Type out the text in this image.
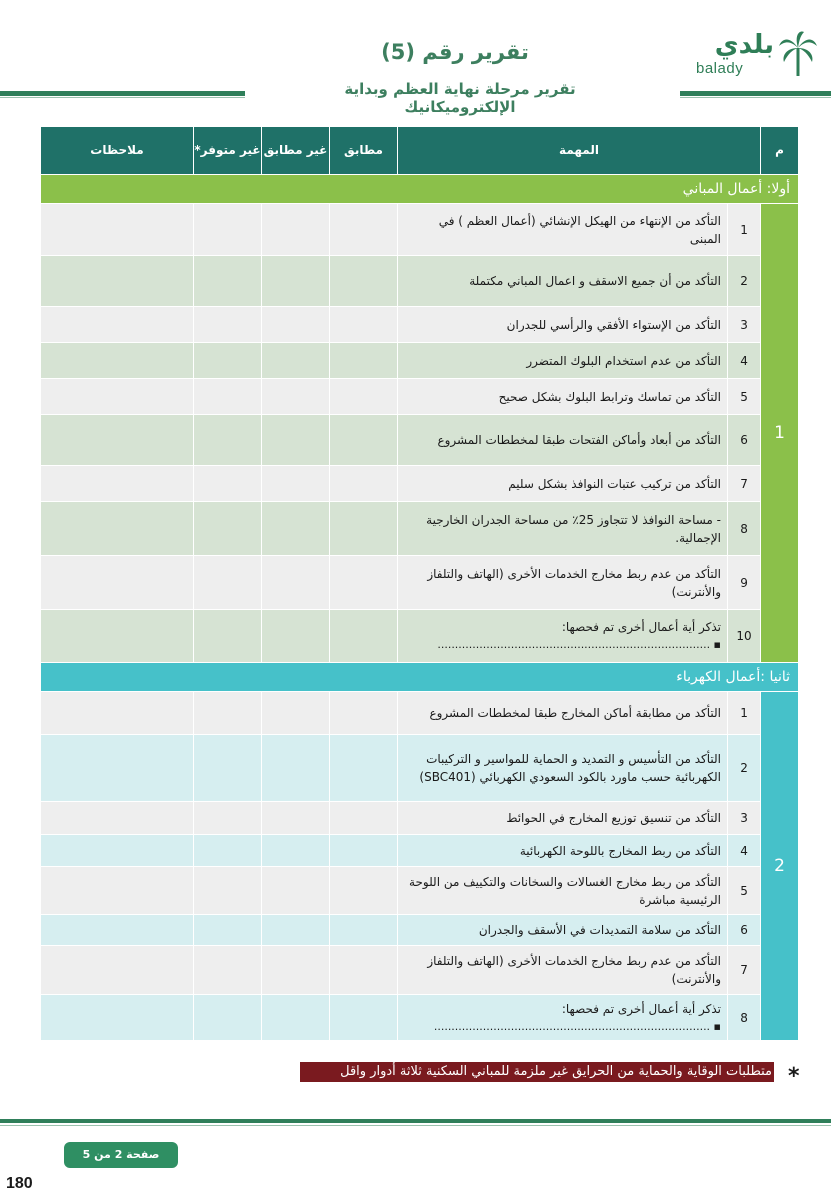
بلدي
balady
تقرير رقم (5)
تقرير مرحلة نهاية العظم وبداية الإلكتروميكانيك
م	المهمة		مطابق	غير مطابق	غير متوفر*	ملاحظات
أولا: أعمال المباني						
1	1	التأكد من الإنتهاء من الهيكل الإنشائي (أعمال العظم ) في المبنى				
	2	التأكد من أن جميع الاسقف و اعمال المباني مكتملة				
	3	التأكد من الإستواء الأفقي والرأسي للجدران				
	4	التأكد من عدم استخدام البلوك المتضرر				
	5	التأكد من تماسك وترابط البلوك بشكل صحيح				
	6	التأكد من أبعاد وأماكن الفتحات طبقا لمخططات المشروع				
	7	التأكد من تركيب عتبات النوافذ بشكل سليم				
	8	- مساحة النوافذ لا تتجاوز 25٪ من مساحة الجدران الخارجية الإجمالية.				
	9	التأكد من عدم ربط مخارج الخدمات الأخرى (الهاتف والتلفاز والأنترنت)				
	10	تذكر أية أعمال أخرى تم فحصها:
▪ ..............................................................................				

ثانيا :أعمال الكهرباء						
2	1	التأكد من مطابقة أماكن المخارج طبقا لمخططات المشروع				
	2	التأكد من التأسيس و التمديد و الحماية للمواسير و التركيبات الكهربائية حسب ماورد بالكود السعودي الكهربائي (SBC401)				
	3	التأكد من تنسيق توزيع المخارج في الحوائط				
	4	التأكد من ربط المخارج باللوحة الكهربائية				
	5	التأكد من ربط مخارج الغسالات والسخانات والتكييف من اللوحة الرئيسية مباشرة				
	6	التأكد من سلامة التمديدات في الأسقف والجدران				
	7	التأكد من عدم ربط مخارج الخدمات الأخرى (الهاتف والتلفاز والأنترنت)				
	8	تذكر أية أعمال أخرى تم فحصها:
▪ ...............................................................................				

*
متطلبات الوقاية والحماية من الحرايق غير ملزمة للمباني السكنية ثلاثة أدوار واقل
صفحة 2 من 5
180
